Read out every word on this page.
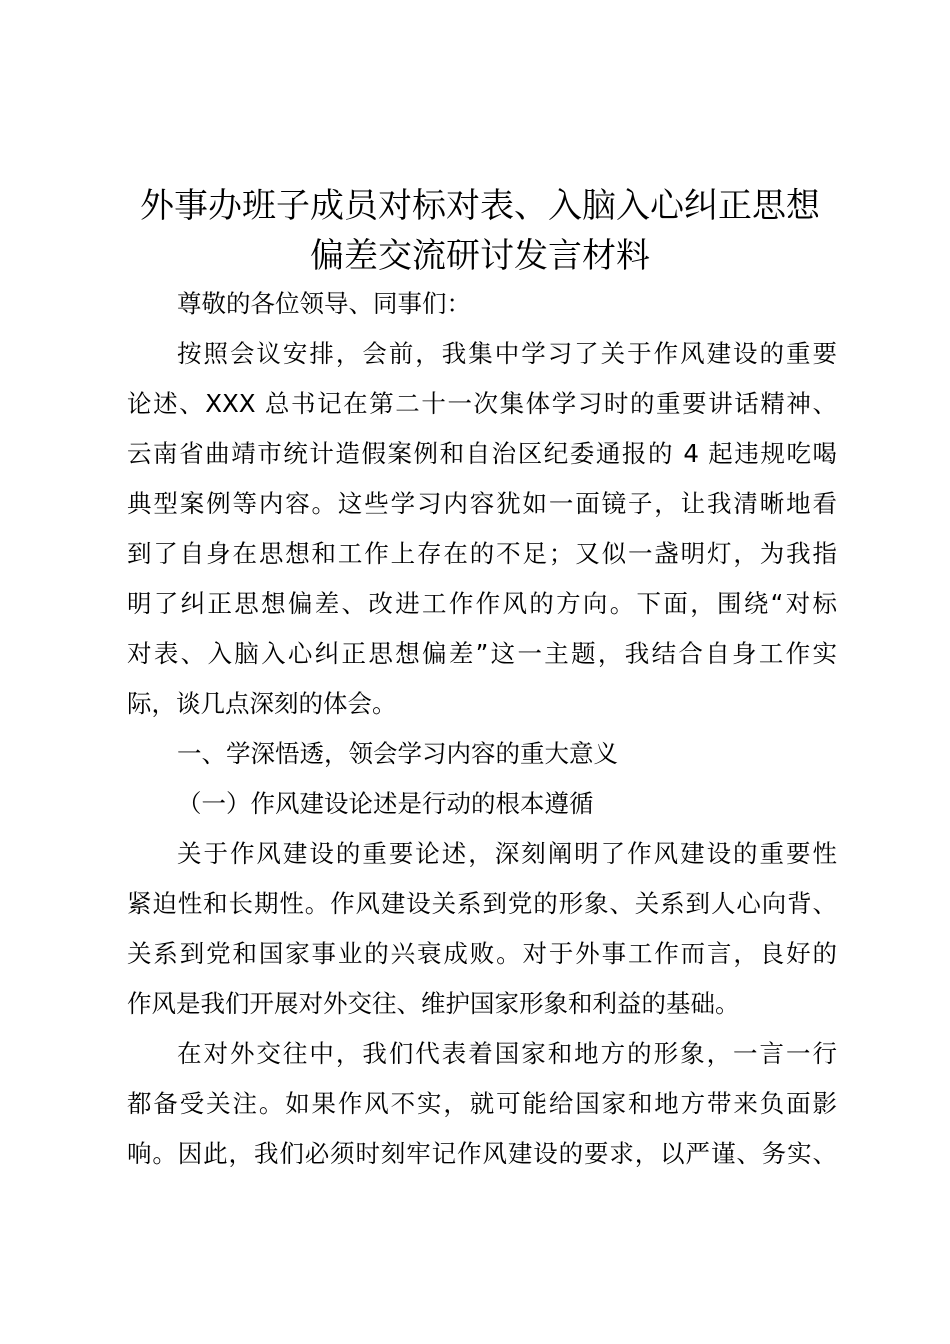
外事办班子成员对标对表、入脑入心纠正思想
偏差交流研讨发言材料
尊敬的各位领导、同事们：
按照会议安排，会前，我集中学习了关于作风建设的重要
论述、XXX 总书记在第二十一次集体学习时的重要讲话精神、
云南省曲靖市统计造假案例和自治区纪委通报的 4 起违规吃喝
典型案例等内容。这些学习内容犹如一面镜子，让我清晰地看
到了自身在思想和工作上存在的不足；又似一盏明灯，为我指
明了纠正思想偏差、改进工作作风的方向。下面，围绕“对标
对表、入脑入心纠正思想偏差”这一主题，我结合自身工作实
际，谈几点深刻的体会。
一、学深悟透，领会学习内容的重大意义
（一）作风建设论述是行动的根本遵循
关于作风建设的重要论述，深刻阐明了作风建设的重要性
紧迫性和长期性。作风建设关系到党的形象、关系到人心向背、
关系到党和国家事业的兴衰成败。对于外事工作而言，良好的
作风是我们开展对外交往、维护国家形象和利益的基础。
在对外交往中，我们代表着国家和地方的形象，一言一行
都备受关注。如果作风不实，就可能给国家和地方带来负面影
响。因此，我们必须时刻牢记作风建设的要求，以严谨、务实、
